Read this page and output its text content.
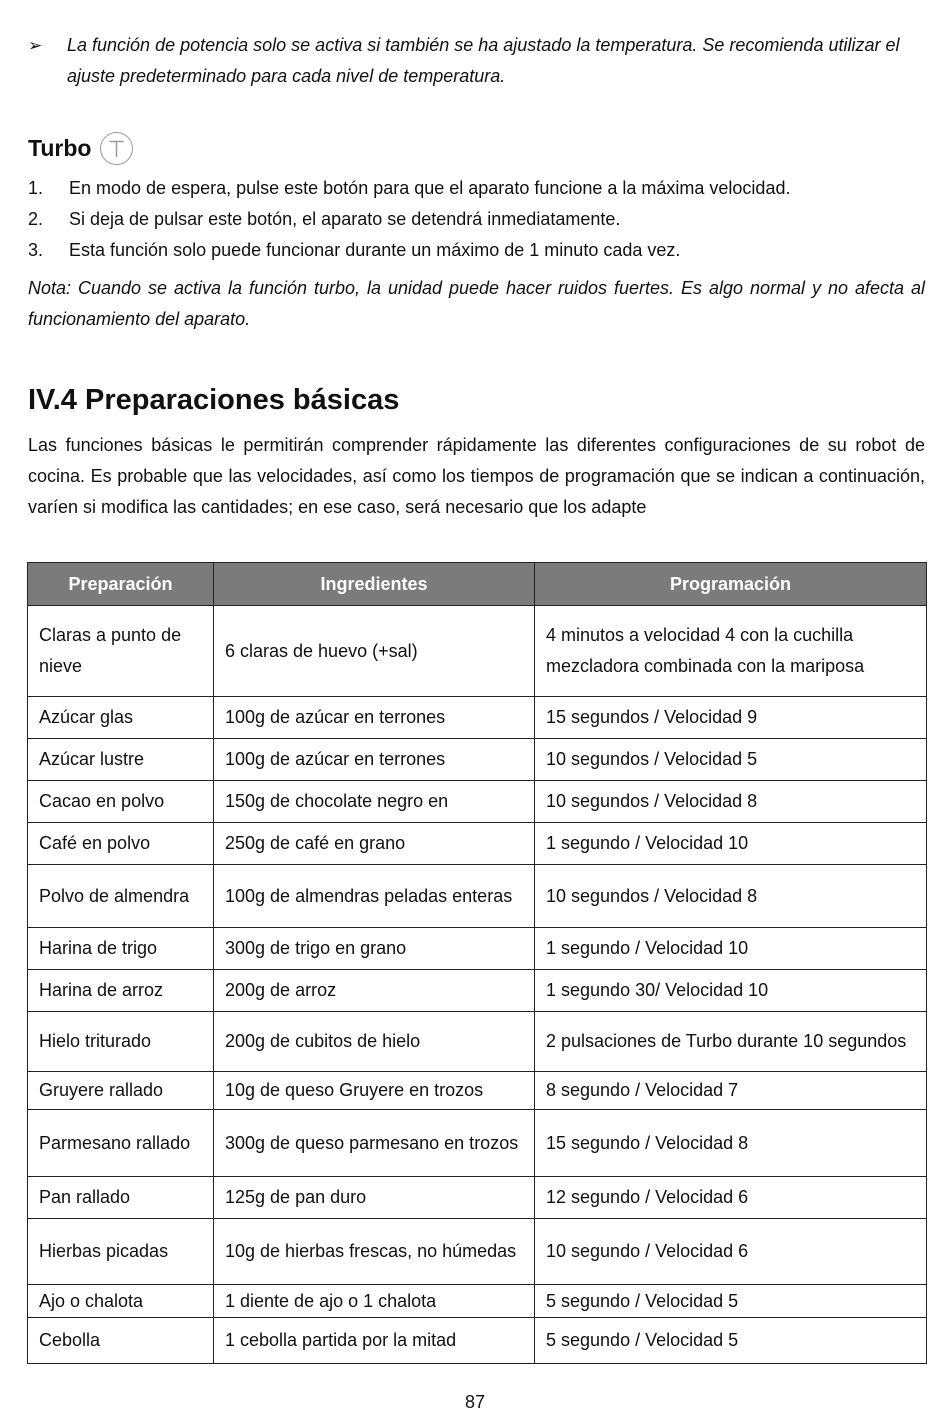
➢ La función de potencia solo se activa si también se ha ajustado la temperatura. Se recomienda utilizar el ajuste predeterminado para cada nivel de temperatura.
Turbo
1.	En modo de espera, pulse este botón para que el aparato funcione a la máxima velocidad.
2.	Si deja de pulsar este botón, el aparato se detendrá inmediatamente.
3.	Esta función solo puede funcionar durante un máximo de 1 minuto cada vez.
Nota: Cuando se activa la función turbo, la unidad puede hacer ruidos fuertes. Es algo normal y no afecta al funcionamiento del aparato.
IV.4 Preparaciones básicas
Las funciones básicas le permitirán comprender rápidamente las diferentes configuraciones de su robot de cocina. Es probable que las velocidades, así como los tiempos de programación que se indican a continuación, varíen si modifica las cantidades; en ese caso, será necesario que los adapte
Preparación	Ingredientes	Programación
Claras a punto de nieve	6 claras de huevo (+sal)	4 minutos a velocidad 4 con la cuchilla mezcladora combinada con la mariposa
Azúcar glas	100g de azúcar en terrones	15 segundos / Velocidad 9
Azúcar lustre	100g de azúcar en terrones	10 segundos / Velocidad 5
Cacao en polvo	150g de chocolate negro en	10 segundos / Velocidad 8
Café en polvo	250g de café en grano	1 segundo / Velocidad 10
Polvo de almendra	100g de almendras peladas enteras	10 segundos / Velocidad 8
Harina de trigo	300g de trigo en grano	1 segundo / Velocidad 10
Harina de arroz	200g de arroz	1 segundo 30/ Velocidad 10
Hielo triturado	200g de cubitos de hielo	2 pulsaciones de Turbo durante 10 segundos
Gruyere rallado	10g de queso Gruyere en trozos	8 segundo / Velocidad 7
Parmesano rallado	300g de queso parmesano en trozos	15 segundo / Velocidad 8
Pan rallado	125g de pan duro	12 segundo / Velocidad 6
Hierbas picadas	10g de hierbas frescas, no húmedas	10 segundo / Velocidad 6
Ajo o chalota	1 diente de ajo o 1 chalota	5 segundo / Velocidad 5
Cebolla	1 cebolla partida por la mitad	5 segundo / Velocidad 5
87
